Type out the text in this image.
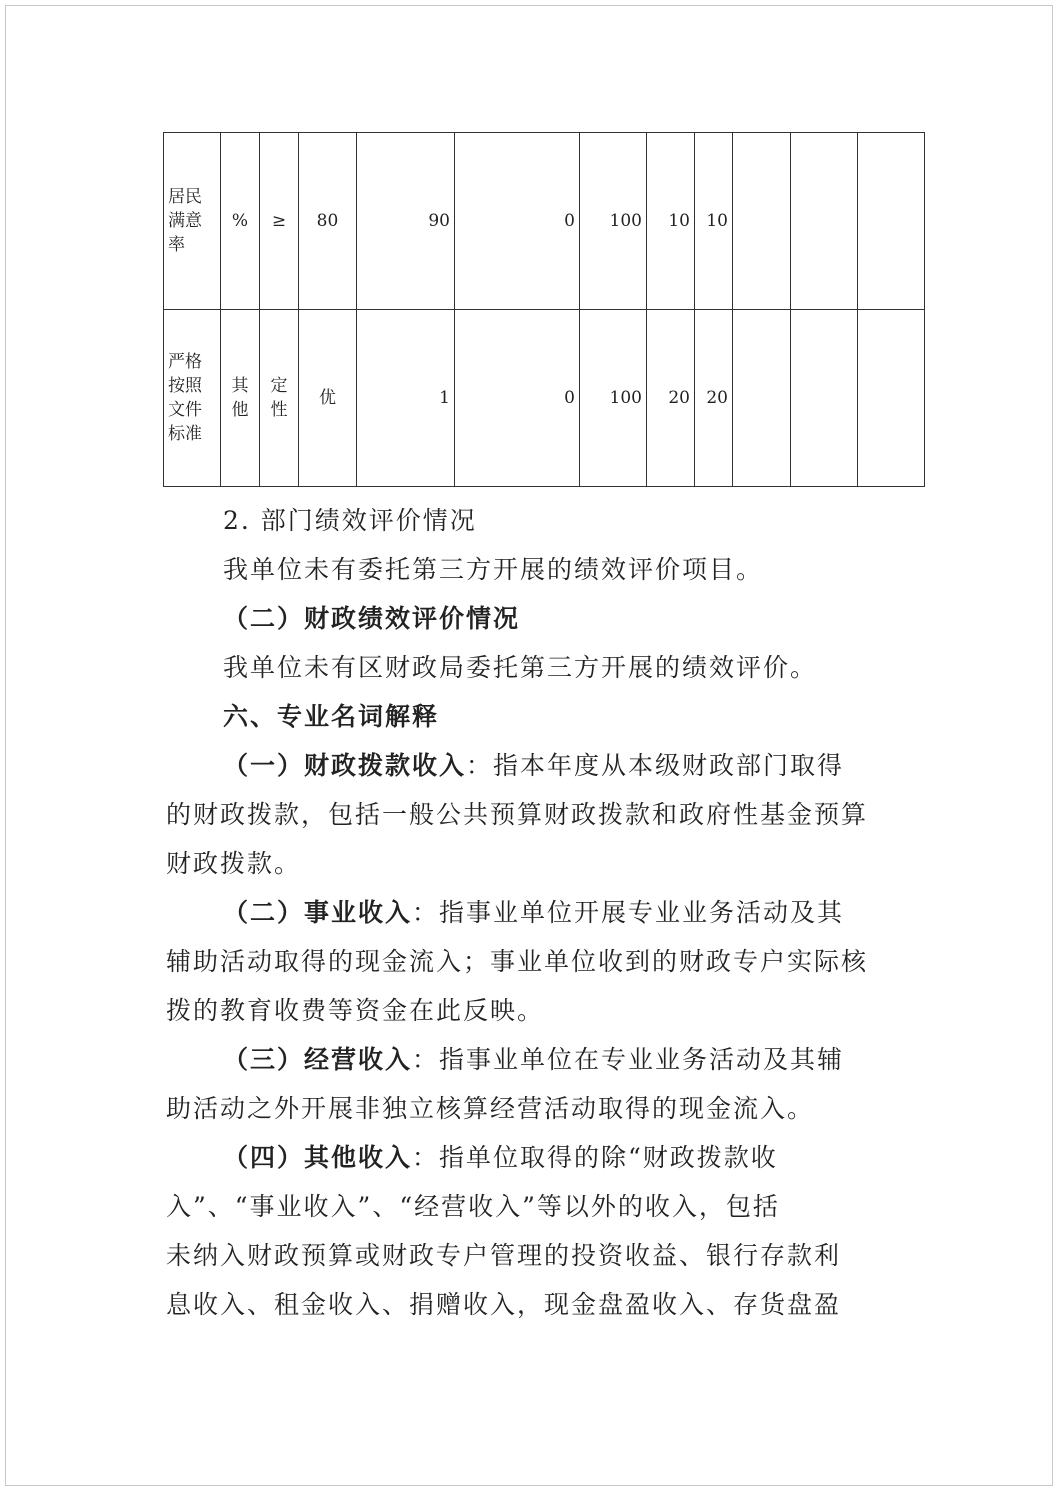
居民满意率	%	≥	80	90	0	100	10	10			
严格按照文件标准	其他	定性	优	1	0	100	20	20			

2. 部门绩效评价情况

我单位未有委托第三方开展的绩效评价项目。

（二）财政绩效评价情况

我单位未有区财政局委托第三方开展的绩效评价。

六、专业名词解释

（一）财政拨款收入：指本年度从本级财政部门取得的财政拨款，包括一般公共预算财政拨款和政府性基金预算财政拨款。

（二）事业收入：指事业单位开展专业业务活动及其辅助活动取得的现金流入；事业单位收到的财政专户实际核拨的教育收费等资金在此反映。

（三）经营收入：指事业单位在专业业务活动及其辅助活动之外开展非独立核算经营活动取得的现金流入。

（四）其他收入：指单位取得的除“财政拨款收

入”、“事业收入”、“经营收入”等以外的收入，包括

未纳入财政预算或财政专户管理的投资收益、银行存款利

息收入、租金收入、捐赠收入，现金盘盈收入、存货盘盈
